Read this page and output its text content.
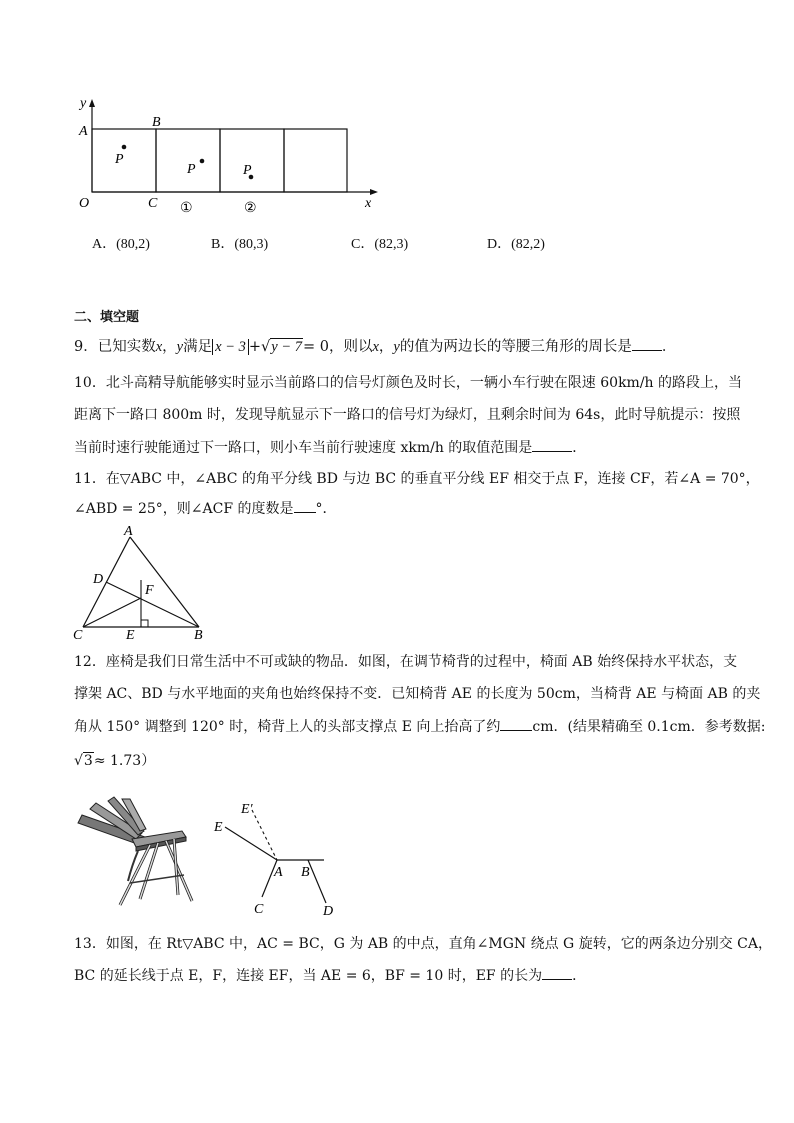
y
x
O
A
B
C
P
P	P
①	②
A．(80,2)	B．(80,3)	C．(82,3)	D．(82,2)
二、填空题
9．已知实数x，y满足 x − 3 +√y − 7= 0，则以x，y的值为两边长的等腰三角形的周长是 ．
10．北斗高精导航能够实时显示当前路口的信号灯颜色及时长，一辆小车行驶在限速 60km/h 的路段上，当
距离下一路口 800m 时，发现导航显示下一路口的信号灯为绿灯，且剩余时间为 64s，此时导航提示：按照
当前时速行驶能通过下一路口，则小车当前行驶速度 xkm/h 的取值范围是	．
11．在▽ABC 中，∠ABC 的角平分线 BD 与边 BC 的垂直平分线 EF 相交于点 F，连接 CF，若∠A = 70°，
∠ABD = 25°，则∠ACF 的度数是 °．
A
B
C
D
E
F
12．座椅是我们日常生活中不可或缺的物品．如图，在调节椅背的过程中，椅面 AB 始终保持水平状态，支
撑架 AC、BD 与水平地面的夹角也始终保持不变．已知椅背 AE 的长度为 50cm，当椅背 AE 与椅面 AB 的夹
角从 150° 调整到 120° 时，椅背上人的头部支撑点 E 向上抬高了约 cm．(结果精确至 0.1cm．参考数据:
√3≈ 1.73）
E
E′
A B
C	D
13．如图，在 Rt▽ABC 中，AC = BC，G 为 AB 的中点，直角∠MGN 绕点 G 旋转，它的两条边分别交 CA，
BC 的延长线于点 E，F，连接 EF，当 AE = 6，BF = 10 时，EF 的长为 ．
